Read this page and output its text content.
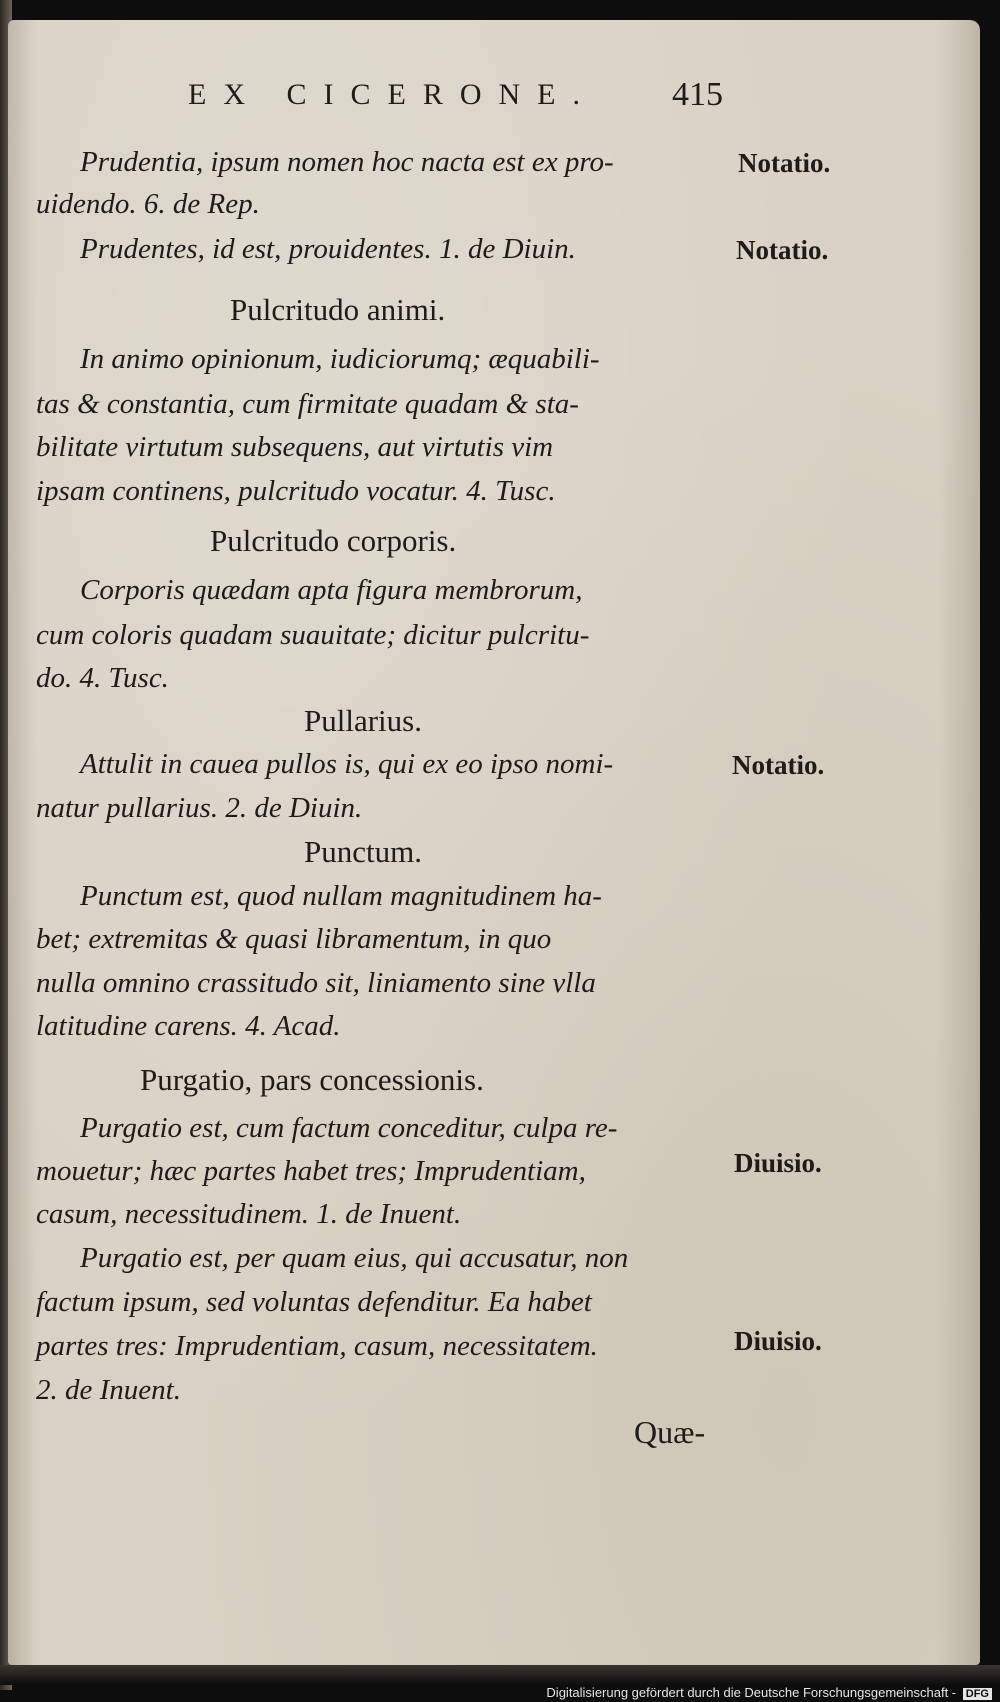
EX CICERONE. 415
Prudentia, ipsum nomen hoc nacta est ex pro-
uidendo. 6. de Rep.
Prudentes, id est, prouidentes. 1. de Diuin.
Pulcritudo animi.
In animo opinionum, iudiciorumq; æquabili-
tas & constantia, cum firmitate quadam & sta-
bilitate virtutum subsequens, aut virtutis vim
ipsam continens, pulcritudo vocatur. 4. Tusc.
Pulcritudo corporis.
Corporis quædam apta figura membrorum,
cum coloris quadam suauitate; dicitur pulcritu-
do. 4. Tusc.
Pullarius.
Attulit in cauea pullos is, qui ex eo ipso nomi-
natur pullarius. 2. de Diuin.
Punctum.
Punctum est, quod nullam magnitudinem ha-
bet; extremitas & quasi libramentum, in quo
nulla omnino crassitudo sit, liniamento sine vlla
latitudine carens. 4. Acad.
Purgatio, pars concessionis.
Purgatio est, cum factum conceditur, culpa re-
mouetur; hæc partes habet tres; Imprudentiam,
casum, necessitudinem. 1. de Inuent.
Purgatio est, per quam eius, qui accusatur, non
factum ipsum, sed voluntas defenditur. Ea habet
partes tres: Imprudentiam, casum, necessitatem.
2. de Inuent.
Notatio.
Notatio.
Notatio.
Diuisio.
Diuisio.
Quæ-
Digitalisierung gefördert durch die Deutsche Forschungsgemeinschaft - DFG
